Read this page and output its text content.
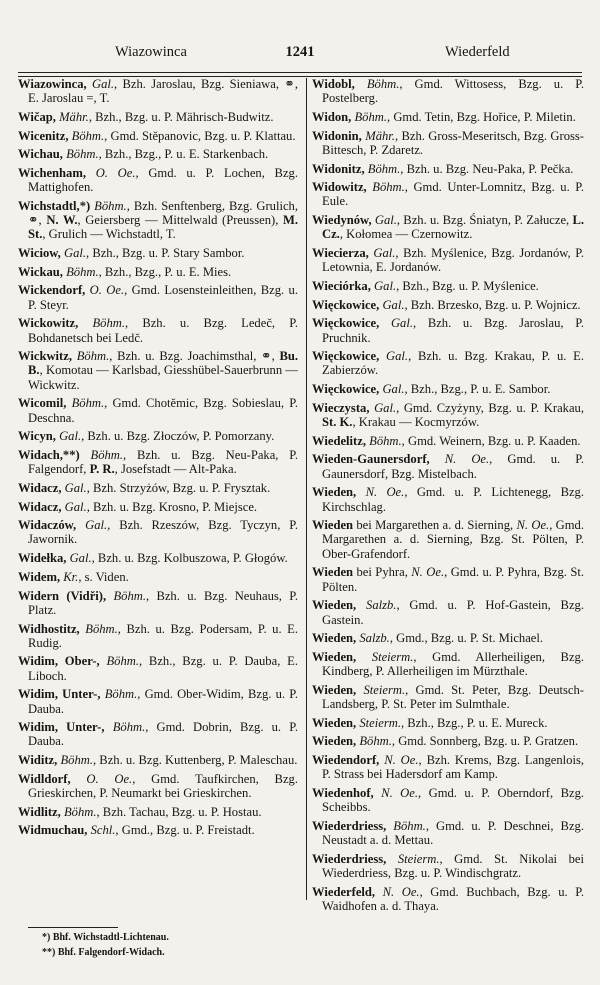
Wiazowinca	1241	Wiederfeld
Wiazowinca, Gal., Bzh. Jaroslau, Bzg. Sieniawa, ⚭, E. Jaroslau =, T.
Wičap, Mähr., Bzh., Bzg. u. P. Mährisch-Budwitz.
Wicenitz, Böhm., Gmd. Stěpanovic, Bzg. u. P. Klattau.
Wichau, Böhm., Bzh., Bzg., P. u. E. Starkenbach.
Wichenham, O. Oe., Gmd. u. P. Lochen, Bzg. Mattighofen.
Wichstadtl,*) Böhm., Bzh. Senftenberg, Bzg. Grulich, ⚭, N. W., Geiersberg — Mittelwald (Preussen), M. St., Grulich — Wichstadtl, T.
Wiciow, Gal., Bzh., Bzg. u. P. Stary Sambor.
Wickau, Böhm., Bzh., Bzg., P. u. E. Mies.
Wickendorf, O. Oe., Gmd. Losensteinleithen, Bzg. u. P. Steyr.
Wickowitz, Böhm., Bzh. u. Bzg. Ledeč, P. Bohdanetsch bei Ledč.
Wickwitz, Böhm., Bzh. u. Bzg. Joachimsthal, ⚭, Bu. B., Komotau — Karlsbad, Giesshübel-Sauerbrunn — Wickwitz.
Wicomil, Böhm., Gmd. Chotěmic, Bzg. Sobieslau, P. Deschna.
Wicyn, Gal., Bzh. u. Bzg. Złoczów, P. Pomorzany.
Widach,**) Böhm., Bzh. u. Bzg. Neu-Paka, P. Falgendorf, P. R., Josefstadt — Alt-Paka.
Widacz, Gal., Bzh. Strzyżów, Bzg. u. P. Frysztak.
Widacz, Gal., Bzh. u. Bzg. Krosno, P. Miejsce.
Widaczów, Gal., Bzh. Rzeszów, Bzg. Tyczyn, P. Jawornik.
Widełka, Gal., Bzh. u. Bzg. Kolbuszowa, P. Głogów.
Widem, Kr., s. Viden.
Widern (Vidři), Böhm., Bzh. u. Bzg. Neuhaus, P. Platz.
Widhostitz, Böhm., Bzh. u. Bzg. Podersam, P. u. E. Rudig.
Widim, Ober-, Böhm., Bzh., Bzg. u. P. Dauba, E. Liboch.
Widim, Unter-, Böhm., Gmd. Ober-Widim, Bzg. u. P. Dauba.
Widim, Unter-, Böhm., Gmd. Dobrin, Bzg. u. P. Dauba.
Widitz, Böhm., Bzh. u. Bzg. Kuttenberg, P. Maleschau.
Widldorf, O. Oe., Gmd. Taufkirchen, Bzg. Grieskirchen, P. Neumarkt bei Grieskirchen.
Widlitz, Böhm., Bzh. Tachau, Bzg. u. P. Hostau.
Widmuchau, Schl., Gmd., Bzg. u. P. Freistadt.
Widobl, Böhm., Gmd. Wittosess, Bzg. u. P. Postelberg.
Widon, Böhm., Gmd. Tetin, Bzg. Hořice, P. Miletin.
Widonin, Mähr., Bzh. Gross-Meseritsch, Bzg. Gross-Bittesch, P. Zdaretz.
Widonitz, Böhm., Bzh. u. Bzg. Neu-Paka, P. Pečka.
Widowitz, Böhm., Gmd. Unter-Lomnitz, Bzg. u. P. Eule.
Wiedynów, Gal., Bzh. u. Bzg. Śniatyn, P. Załucze, L. Cz., Kołomea — Czernowitz.
Wiecierza, Gal., Bzh. Myślenice, Bzg. Jordanów, P. Letownia, E. Jordanów.
Wieciórka, Gal., Bzh., Bzg. u. P. Myślenice.
Więckowice, Gal., Bzh. Brzesko, Bzg. u. P. Wojnicz.
Więckowice, Gal., Bzh. u. Bzg. Jaroslau, P. Pruchnik.
Więckowice, Gal., Bzh. u. Bzg. Krakau, P. u. E. Zabierzów.
Więckowice, Gal., Bzh., Bzg., P. u. E. Sambor.
Wieczysta, Gal., Gmd. Czyżyny, Bzg. u. P. Krakau, St. K., Krakau — Kocmyrzów.
Wiedelitz, Böhm., Gmd. Weinern, Bzg. u. P. Kaaden.
Wieden-Gaunersdorf, N. Oe., Gmd. u. P. Gaunersdorf, Bzg. Mistelbach.
Wieden, N. Oe., Gmd. u. P. Lichtenegg, Bzg. Kirchschlag.
Wieden bei Margarethen a. d. Sierning, N. Oe., Gmd. Margarethen a. d. Sierning, Bzg. St. Pölten, P. Ober-Grafendorf.
Wieden bei Pyhra, N. Oe., Gmd. u. P. Pyhra, Bzg. St. Pölten.
Wieden, Salzb., Gmd. u. P. Hof-Gastein, Bzg. Gastein.
Wieden, Salzb., Gmd., Bzg. u. P. St. Michael.
Wieden, Steierm., Gmd. Allerheiligen, Bzg. Kindberg, P. Allerheiligen im Mürzthale.
Wieden, Steierm., Gmd. St. Peter, Bzg. Deutsch-Landsberg, P. St. Peter im Sulmthale.
Wieden, Steierm., Bzh., Bzg., P. u. E. Mureck.
Wieden, Böhm., Gmd. Sonnberg, Bzg. u. P. Gratzen.
Wiedendorf, N. Oe., Bzh. Krems, Bzg. Langenlois, P. Strass bei Hadersdorf am Kamp.
Wiedenhof, N. Oe., Gmd. u. P. Oberndorf, Bzg. Scheibbs.
Wiederdriess, Böhm., Gmd. u. P. Deschnei, Bzg. Neustadt a. d. Mettau.
Wiederdriess, Steierm., Gmd. St. Nikolai bei Wiederdriess, Bzg. u. P. Windischgratz.
Wiederfeld, N. Oe., Gmd. Buchbach, Bzg. u. P. Waidhofen a. d. Thaya.
*) Bhf. Wichstadtl-Lichtenau.
**) Bhf. Falgendorf-Widach.
